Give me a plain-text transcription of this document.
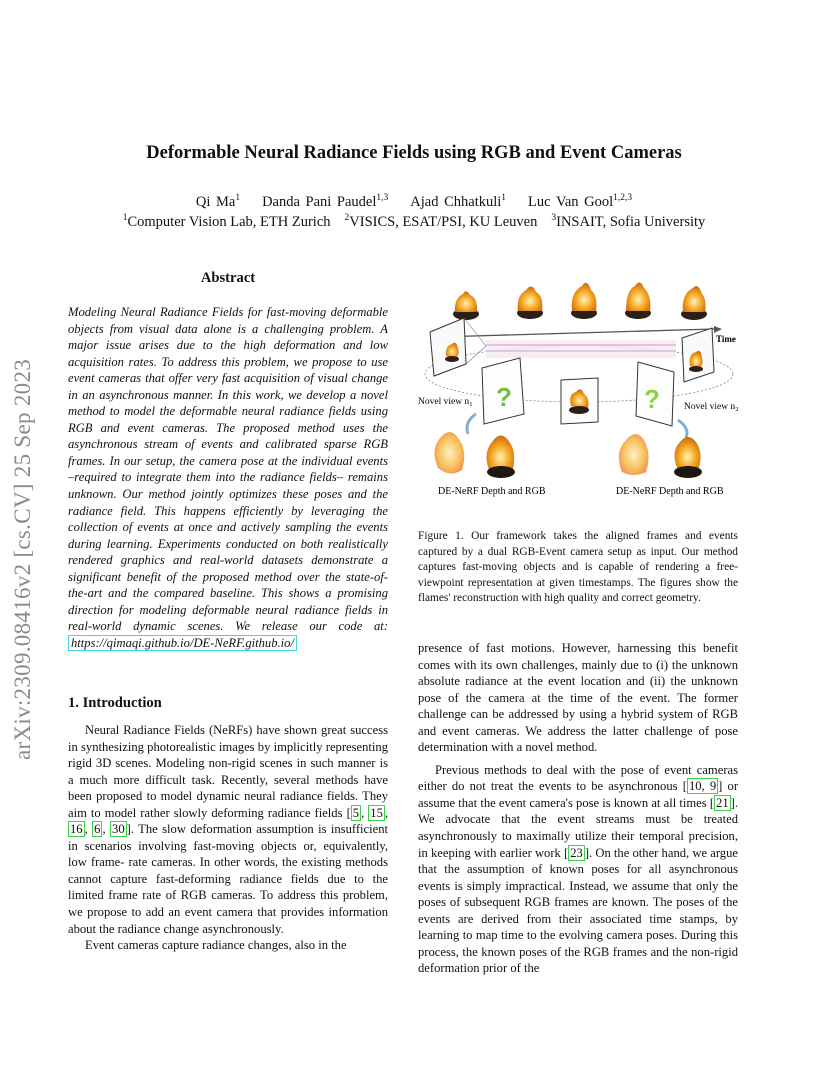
arXiv:2309.08416v2 [cs.CV] 25 Sep 2023
Deformable Neural Radiance Fields using RGB and Event Cameras
Qi Ma$^1$ Danda Pani Paudel$^{1,3}$ Ajad Chhatkuli$^1$ Luc Van Gool$^{1,2,3}$
$^1$Computer Vision Lab, ETH Zurich $^2$VISICS, ESAT/PSI, KU Leuven $^3$INSAIT, Sofia University
Abstract

Modeling Neural Radiance Fields for fast-moving deformable objects from visual data alone is a challenging problem. A major issue arises due to the high deformation and low acquisition rates. To address this problem, we propose to use event cameras that offer very fast acquisition of visual change in an asynchronous manner. In this work, we develop a novel method to model the deformable neural radiance fields using RGB and event cameras. The proposed method uses the asynchronous stream of events and calibrated sparse RGB frames. In our setup, the camera pose at the individual events –required to integrate them into the radiance fields– remains unknown. Our method jointly optimizes these poses and the radiance field. This happens efficiently by leveraging the collection of events at once and actively sampling the events during learning. Experiments conducted on both realistically rendered graphics and real-world datasets demonstrate a significant benefit of the proposed method over the state-of-the-art and the compared baseline. This shows a promising direction for modeling deformable neural radiance fields in real-world dynamic scenes. We release our code at: https://qimaqi.github.io/DE-NeRF.github.io/

1. Introduction

Neural Radiance Fields (NeRFs) have shown great success in synthesizing photorealistic images by implicitly representing rigid 3D scenes. Modeling non-rigid scenes in such manner is a much more difficult task. Recently, several methods have been proposed to model dynamic neural radiance fields. They aim to model rather slowly deforming radiance fields [ 5 , 15 , 16 , 6 , 30 ]. The slow deformation assumption is insufficient in scenarios involving fast-moving objects or, equivalently, low frame- rate cameras. In other words, the existing methods cannot capture fast-deforming radiance fields due to the limited frame rate of RGB cameras. To address this problem, we propose to add an event camera that provides information about the radiance change asynchronously.

Event cameras capture radiance changes, also in the

Time
?	?
Novel view $n_1$	Novel view $n_2$
DE-NeRF Depth and RGB	DE-NeRF Depth and RGB
Figure 1. Our framework takes the aligned frames and events captured by a dual RGB-Event camera setup as input. Our method captures fast-moving objects and is capable of rendering a free-viewpoint representation at given timestamps. The figures show the flames' reconstruction with high quality and correct geometry.

presence of fast motions. However, harnessing this benefit comes with its own challenges, mainly due to (i) the unknown absolute radiance at the event location and (ii) the unknown pose of the camera at the time of the event. The former challenge can be addressed by using a hybrid system of RGB and event cameras. We address the latter challenge of pose determination with a novel method.

Previous methods to deal with the pose of event cameras either do not treat the events to be asynchronous [ 10, 9 ] or assume that the event camera's pose is known at all times [ 21 ]. We advocate that the event streams must be treated asynchronously to maximally utilize their temporal precision, in keeping with earlier work [ 23 ]. On the other hand, we argue that the assumption of known poses for all asynchronous events is simply impractical. Instead, we assume that only the poses of subsequent RGB frames are known. The poses of the events are derived from their associated time stamps, by learning to map time to the evolving camera poses. During this process, the known poses of the RGB frames and the non-rigid deformation prior of the
